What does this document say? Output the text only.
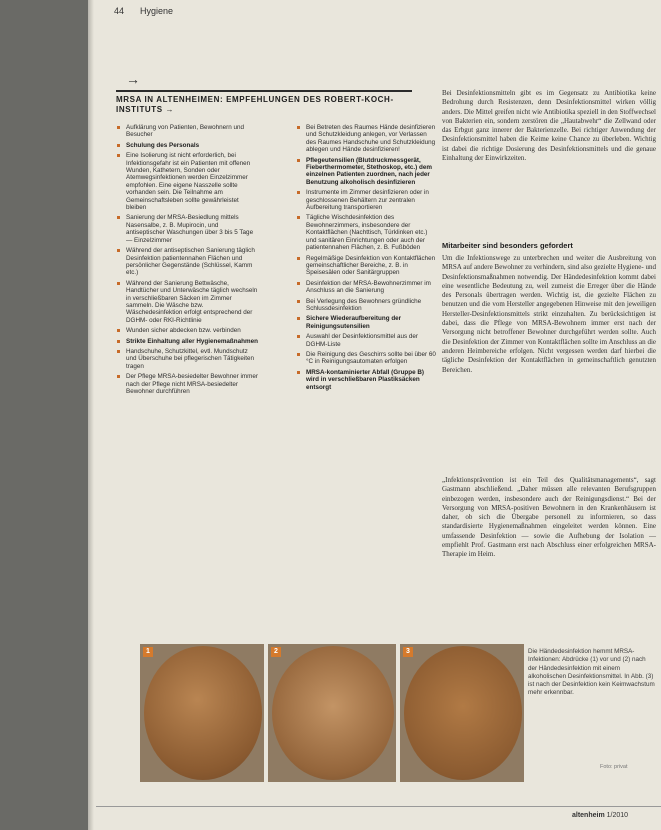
44 Hygiene
→
MRSA IN ALTENHEIMEN: EMPFEHLUNGEN DES ROBERT-KOCH-INSTITUTS →
Aufklärung von Patienten, Bewohnern und Besucher
Schulung des Personals
Eine Isolierung ist nicht erforderlich, bei Infektionsgefahr ist ein Patienten mit offenen Wunden, Kathetern, Sonden oder Atemwegsinfektionen werden Einzelzimmer empfohlen. Eine eigene Nasszelle sollte vorhanden sein. Die Teilnahme am Gemeinschaftsleben sollte gewährleistet bleiben
Sanierung der MRSA-Besiedlung mittels Nasensalbe, z. B. Mupirocin, und antiseptischer Waschungen über 3 bis 5 Tage — Einzelzimmer
Während der antiseptischen Sanierung täglich Desinfektion patientennahen Flächen und persönlicher Gegenstände (Schlüssel, Kamm etc.)
Während der Sanierung Bettwäsche, Handtücher und Unterwäsche täglich wechseln in verschließbaren Säcken im Zimmer sammeln. Die Wäsche bzw. Wäschedesinfektion erfolgt entsprechend der DGHM- oder RKI-Richtlinie
Wunden sicher abdecken bzw. verbinden
Strikte Einhaltung aller Hygienemaßnahmen
Handschuhe, Schutzkittel, evtl. Mundschutz und Überschuhe bei pflegerischen Tätigkeiten tragen
Der Pflege MRSA-besiedelter Bewohner immer nach der Pflege nicht MRSA-besiedelter Bewohner durchführen
Bei Betreten des Raumes Hände desinfizieren und Schutzkleidung anlegen, vor Verlassen des Raumes Handschuhe und Schutzkleidung ablegen und Hände desinfizieren!
Pflegeutensilien (Blutdruckmessgerät, Fieberthermometer, Stethoskop, etc.) dem einzelnen Patienten zuordnen, nach jeder Benutzung alkoholisch desinfizieren
Instrumente im Zimmer desinfizieren oder in geschlossenen Behältern zur zentralen Aufbereitung transportieren
Tägliche Wischdesinfektion des Bewohnerzimmers, insbesondere der Kontaktflächen (Nachttisch, Türklinken etc.) und sanitären Einrichtungen oder auch der patientennahen Flächen, z. B. Fußböden
Regelmäßige Desinfektion von Kontaktflächen gemeinschaftlicher Bereiche, z. B. in Speisesälen oder Sanitärgruppen
Desinfektion der MRSA-Bewohnerzimmer im Anschluss an die Sanierung
Bei Verlegung des Bewohners gründliche Schlussdesinfektion
Sichere Wiederaufbereitung der Reinigungsutensilien
Auswahl der Desinfektionsmittel aus der DGHM-Liste
Die Reinigung des Geschirrs sollte bei über 60 °C in Reinigungsautomaten erfolgen
MRSA-kontaminierter Abfall (Gruppe B) wird in verschließbaren Plastiksäcken entsorgt

Bei Desinfektionsmitteln gibt es im Gegensatz zu Antibiotika keine Bedrohung durch Resistenzen, denn Desinfektionsmittel wirken völlig anders. Die Mittel greifen nicht wie Antibiotika speziell in den Stoffwechsel von Bakterien ein, sondern zerstören die „Hautabwehr“ die Zellwand oder das Erbgut ganz innerer der Bakterienzelle. Bei richtiger Anwendung der Desinfektionsmittel haben die Keime keine Chance zu überleben. Wichtig ist dabei die richtige Dosierung des Desinfektionsmittels und die genaue Einhaltung der Einwirkzeiten.

Mitarbeiter sind besonders gefordert

Um die Infektionswege zu unterbrechen und weiter die Ausbreitung von MRSA auf andere Bewohner zu verhindern, sind also gezielte Hygiene- und Desinfektionsmaßnahmen notwendig. Der Händedesinfektion kommt dabei eine wesentliche Bedeutung zu, weil zumeist die Erreger über die Hände des Personals übertragen werden. Wichtig ist, die gezielte Flächen zu benutzen und die vom Hersteller angegebenen Hinweise mit den jeweiligen Hersteller-Desinfektionsmittels strikt einzuhalten. Zu berücksichtigen ist dabei, dass die Pflege von MRSA-Bewohnern immer erst nach der Versorgung nicht betroffener Bewohner durchgeführt werden sollte. Auch die Desinfektion der Zimmer von Kontaktflächen sollte im Anschluss an die anderen Heimbereiche erfolgen. Nicht vergessen werden darf hierbei die tägliche Desinfektion der Kontaktflächen in gemeinschaftlich genutzten Bereichen.

„Infektionsprävention ist ein Teil des Qualitätsmanagements“, sagt Gastmann abschließend. „Daher müssen alle relevanten Berufsgruppen einbezogen werden, insbesondere auch der Reinigungsdienst.“ Bei der Versorgung von MRSA-positiven Bewohnern in den Krankenhäusern ist daher, ob sich die Übergabe personell zu informieren, so dass standardisierte Hygienemaßnahmen eingeleitet werden können. Eine umfassende Desinfektion — sowie die Aufhebung der Isolation — empfiehlt Prof. Gastmann erst nach Abschluss einer erfolgreichen MRSA-Therapie im Heim.

1	2	3	Die Händedesinfektion hemmt MRSA-Infektionen: Abdrücke (1) vor und (2) nach der Händedesinfektion mit einem alkoholischen Desinfektionsmittel. In Abb. (3) ist nach der Desinfektion kein Keimwachstum mehr erkennbar.

Foto: privat
altenheim 1/2010
